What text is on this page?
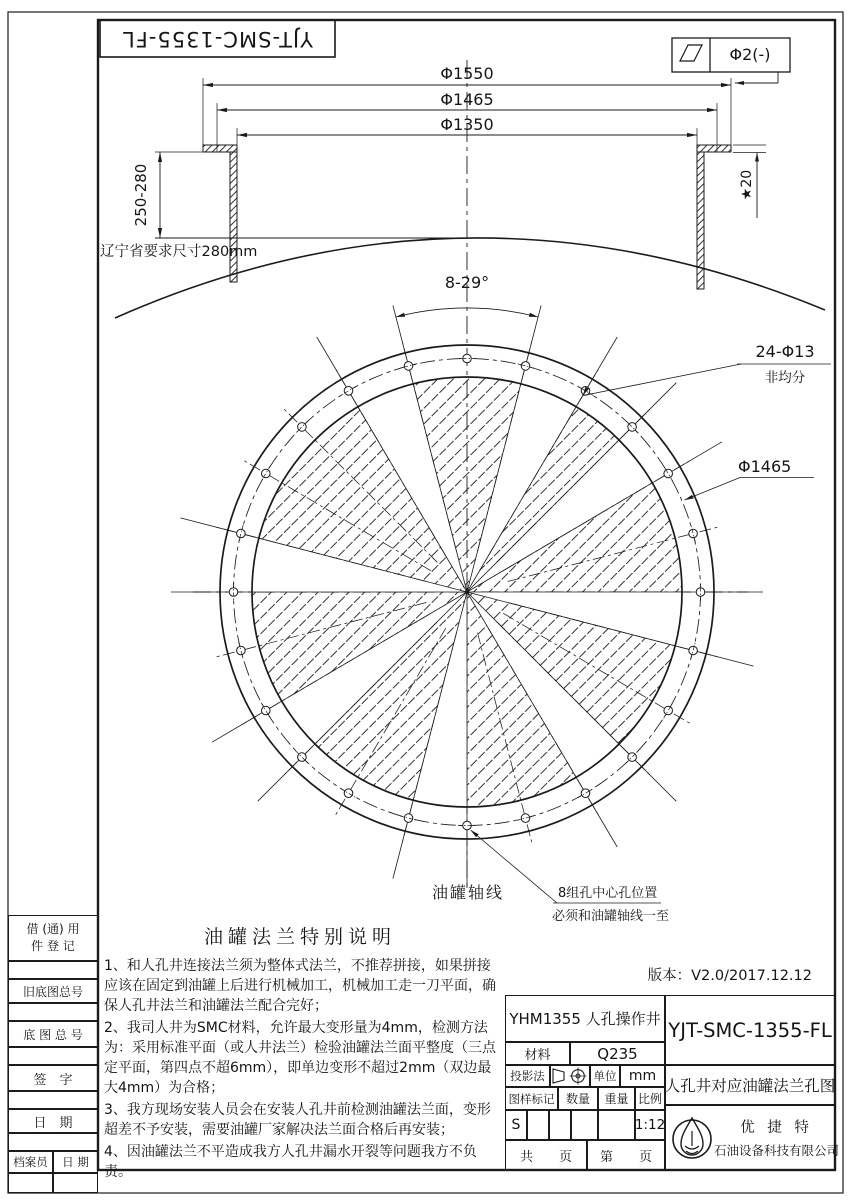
YJT-SMC-1355-FL
Φ2(-)
Φ1550
Φ1465
Φ1350
250-280
辽宁省要求尺寸280mm
★20
8-29°
24-Φ13
非均分
Φ1465
油罐轴线	8组孔中心孔位置
必须和油罐轴线一至
版本：V2.0/2017.12.12
油罐法兰特别说明
1、和人孔井连接法兰须为整体式法兰，不推荐拼接，如果拼接应该在固定到油罐上后进行机械加工，机械加工走一刀平面，确保人孔井法兰和油罐法兰配合完好；
2、我司人井为SMC材料，允许最大变形量为4mm，检测方法为：采用标准平面（或人井法兰）检验油罐法兰面平整度（三点定平面，第四点不超6mm），即单边变形不超过2mm（双边最大4mm）为合格；
3、我方现场安装人员会在安装人孔井前检测油罐法兰面，变形超差不予安装，需要油罐厂家解决法兰面合格后再安装；
4、因油罐法兰不平造成我方人孔井漏水开裂等问题我方不负责。
借 (通) 用
件 登 记
旧底图总号
底 图 总 号
签　字
日　期
档案员	日 期
YHM1355 人孔操作井
材料	Q235
投影法	单位 mm
图样标记 数量	重量 比例
S	1:12
共　　页	第　　页
YJT-SMC-1355-FL
人孔井对应油罐法兰孔图
优 捷 特
石油设备科技有限公司
